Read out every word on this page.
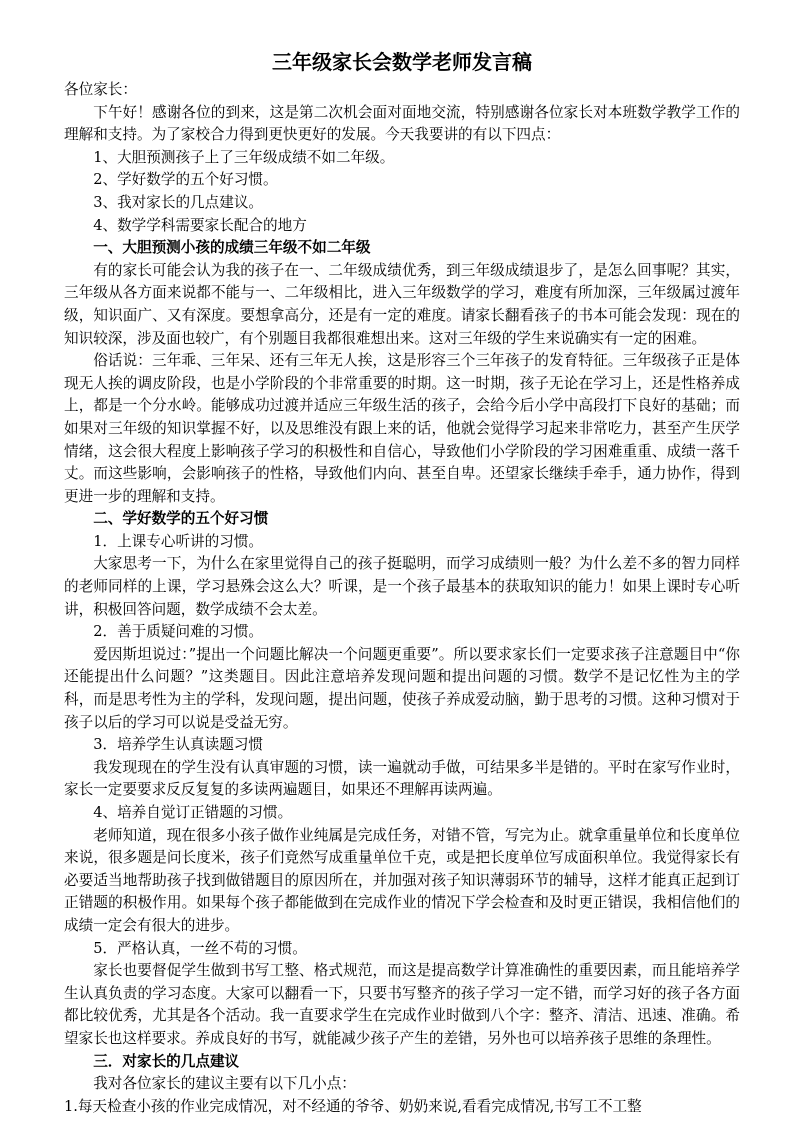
三年级家长会数学老师发言稿

各位家长：

下午好！感谢各位的到来，这是第二次机会面对面地交流，特别感谢各位家长对本班数学教学工作的理解和支持。为了家校合力得到更快更好的发展。今天我要讲的有以下四点：

1、大胆预测孩子上了三年级成绩不如二年级。

2、学好数学的五个好习惯。

3、我对家长的几点建议。

4、数学学科需要家长配合的地方

一、大胆预测小孩的成绩三年级不如二年级

有的家长可能会认为我的孩子在一、二年级成绩优秀，到三年级成绩退步了，是怎么回事呢？其实，三年级从各方面来说都不能与一、二年级相比，进入三年级数学的学习，难度有所加深，三年级属过渡年级，知识面广、又有深度。要想拿高分，还是有一定的难度。请家长翻看孩子的书本可能会发现：现在的知识较深，涉及面也较广，有个别题目我都很难想出来。这对三年级的学生来说确实有一定的困难。

俗话说：三年乖、三年呆、还有三年无人挨，这是形容三个三年孩子的发育特征。三年级孩子正是体现无人挨的调皮阶段，也是小学阶段的个非常重要的时期。这一时期，孩子无论在学习上，还是性格养成上，都是一个分水岭。能够成功过渡并适应三年级生活的孩子，会给今后小学中高段打下良好的基础；而如果对三年级的知识掌握不好，以及思维没有跟上来的话，他就会觉得学习起来非常吃力，甚至产生厌学情绪，这会很大程度上影响孩子学习的积极性和自信心，导致他们小学阶段的学习困难重重、成绩一落千丈。而这些影响，会影响孩子的性格，导致他们内向、甚至自卑。还望家长继续手牵手，通力协作，得到更进一步的理解和支持。

二、学好数学的五个好习惯

1．上课专心听讲的习惯。

大家思考一下，为什么在家里觉得自己的孩子挺聪明，而学习成绩则一般？为什么差不多的智力同样的老师同样的上课，学习悬殊会这么大？听课，是一个孩子最基本的获取知识的能力！如果上课时专心听讲，积极回答问题，数学成绩不会太差。

2．善于质疑问难的习惯。

爱因斯坦说过：”提出一个问题比解决一个问题更重要”。所以要求家长们一定要求孩子注意题目中“你还能提出什么问题？”这类题目。因此注意培养发现问题和提出问题的习惯。数学不是记忆性为主的学科，而是思考性为主的学科，发现问题，提出问题，使孩子养成爱动脑，勤于思考的习惯。这种习惯对于孩子以后的学习可以说是受益无穷。

3．培养学生认真读题习惯

我发现现在的学生没有认真审题的习惯，读一遍就动手做，可结果多半是错的。平时在家写作业时，家长一定要要求反反复复的多读两遍题目，如果还不理解再读两遍。

4、培养自觉订正错题的习惯。

老师知道，现在很多小孩子做作业纯属是完成任务，对错不管，写完为止。就拿重量单位和长度单位来说，很多题是问长度米，孩子们竟然写成重量单位千克，或是把长度单位写成面积单位。我觉得家长有必要适当地帮助孩子找到做错题目的原因所在，并加强对孩子知识薄弱环节的辅导，这样才能真正起到订正错题的积极作用。如果每个孩子都能做到在完成作业的情况下学会检查和及时更正错误，我相信他们的成绩一定会有很大的进步。

5．严格认真，一丝不苟的习惯。

家长也要督促学生做到书写工整、格式规范，而这是提高数学计算准确性的重要因素，而且能培养学生认真负责的学习态度。大家可以翻看一下，只要书写整齐的孩子学习一定不错，而学习好的孩子各方面都比较优秀，尤其是各个活动。我一直要求学生在完成作业时做到八个字：整齐、清洁、迅速、准确。希望家长也这样要求。养成良好的书写，就能减少孩子产生的差错，另外也可以培养孩子思维的条理性。

三．对家长的几点建议

我对各位家长的建议主要有以下几小点：

1.每天检查小孩的作业完成情况，对不经通的爷爷、奶奶来说,看看完成情况,书写工不工整
